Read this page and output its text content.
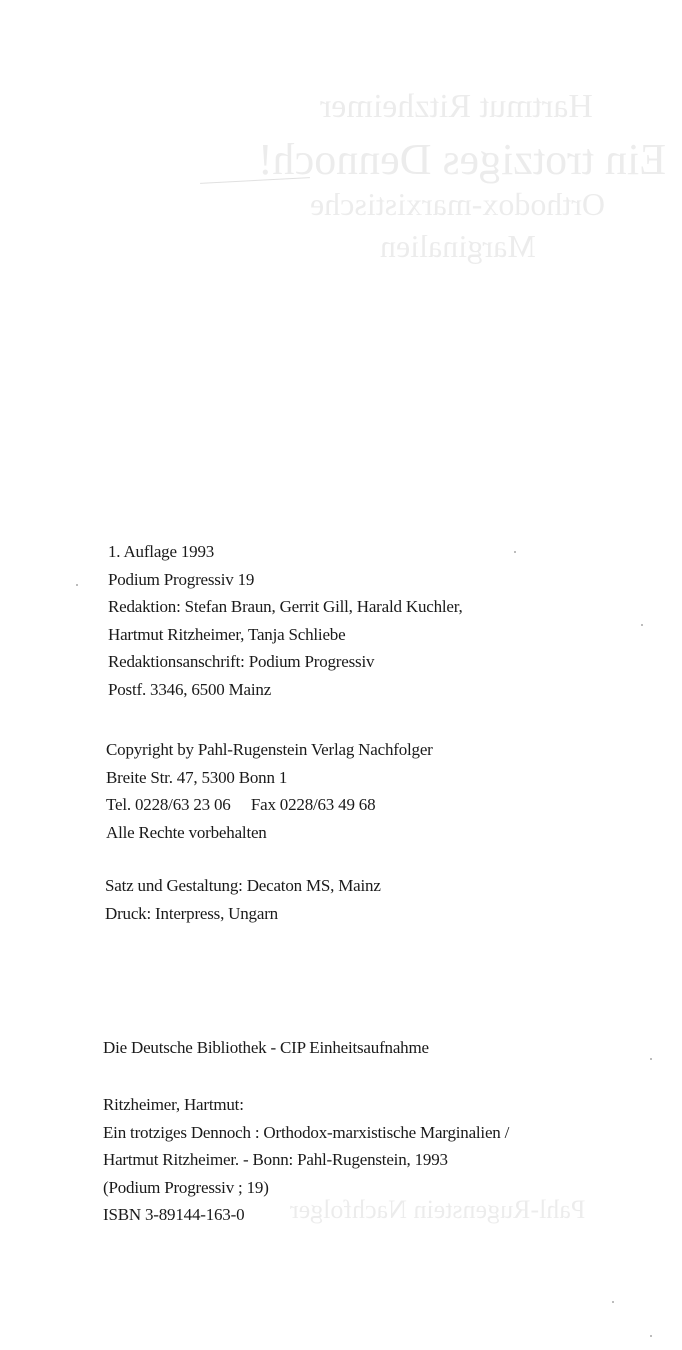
Hartmut Ritzheimer
Ein trotziges Dennoch!
Orthodox-marxistische
Marginalien
Pahl-Rugenstein Nachfolger
1. Auflage 1993
Podium Progressiv 19
Redaktion: Stefan Braun, Gerrit Gill, Harald Kuchler,
Hartmut Ritzheimer, Tanja Schliebe
Redaktionsanschrift: Podium Progressiv
Postf. 3346, 6500 Mainz
Copyright by Pahl-Rugenstein Verlag Nachfolger
Breite Str. 47, 5300 Bonn 1
Tel. 0228/63 23 06     Fax 0228/63 49 68
Alle Rechte vorbehalten
Satz und Gestaltung: Decaton MS, Mainz
Druck: Interpress, Ungarn
Die Deutsche Bibliothek - CIP Einheitsaufnahme
Ritzheimer, Hartmut:
Ein trotziges Dennoch : Orthodox-marxistische Marginalien /
Hartmut Ritzheimer. - Bonn: Pahl-Rugenstein, 1993
(Podium Progressiv ; 19)
ISBN 3-89144-163-0
